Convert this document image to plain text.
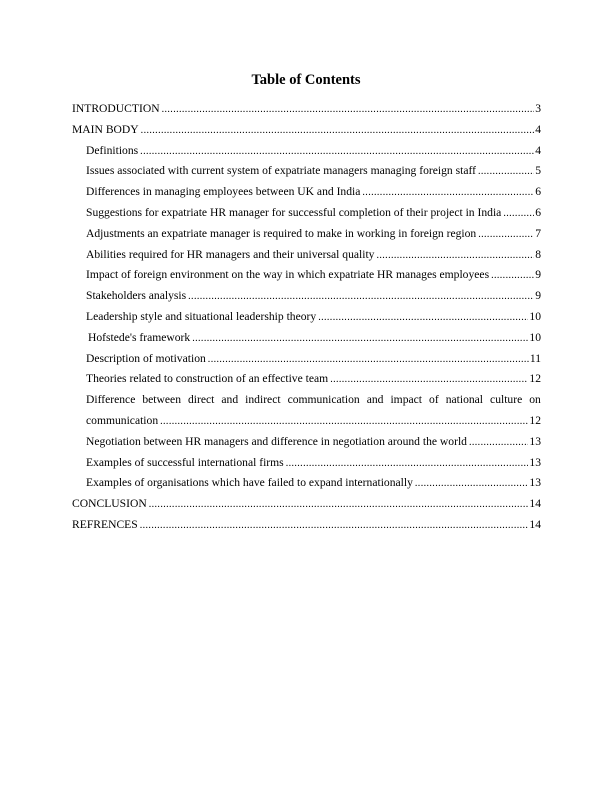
Table of Contents
INTRODUCTION .....	3
MAIN BODY .....	4
Definitions .....	4
Issues associated with current system of expatriate managers managing foreign staff .....	5
Differences in managing employees between UK and India .....	6
Suggestions for expatriate HR manager for successful completion of their project in India .....	6
Adjustments an expatriate manager is required to make in working in foreign region .....	7
Abilities required for HR managers and their universal quality .....	8
Impact of foreign environment on the way in which expatriate HR manages employees .....	9
Stakeholders analysis .....	9
Leadership style and situational leadership theory .....	10
Hofstede's framework .....	10
Description of motivation .....	11
Theories related to construction of an effective team .....	12
Difference between direct and indirect communication and impact of national culture on
communication .....	12
Negotiation between HR managers and difference in negotiation around the world .....	13
Examples of successful international firms .....	13
Examples of organisations which have failed to expand internationally .....	13
CONCLUSION .....	14
REFRENCES .....	14
